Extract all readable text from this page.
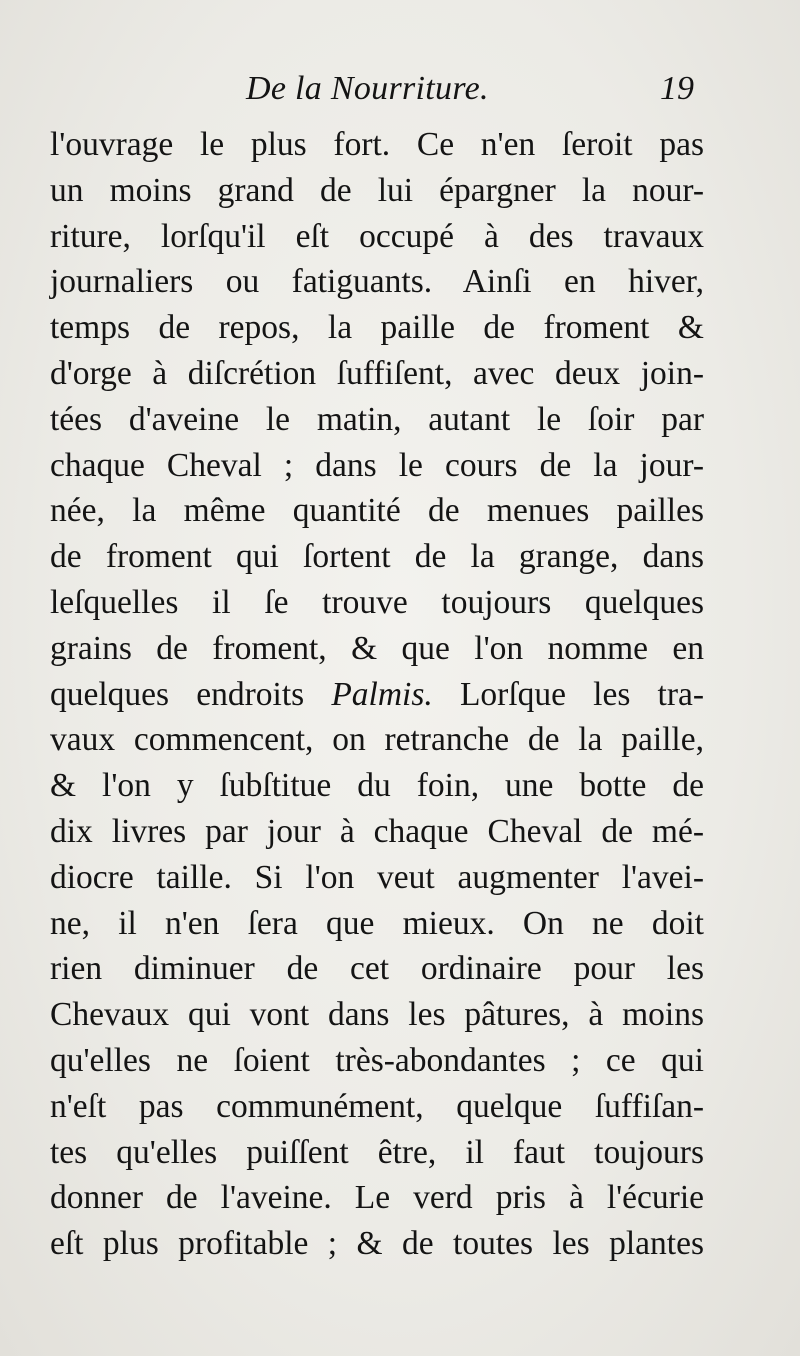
De la Nourriture.	19
l'ouvrage le plus fort. Ce n'en ſeroit pas
un moins grand de lui épargner la nour-
riture, lorſqu'il eſt occupé à des travaux
journaliers ou fatiguants. Ainſi en hiver,
temps de repos, la paille de froment &
d'orge à diſcrétion ſuffiſent, avec deux join-
tées d'aveine le matin, autant le ſoir par
chaque Cheval ; dans le cours de la jour-
née, la même quantité de menues pailles
de froment qui ſortent de la grange, dans
leſquelles il ſe trouve toujours quelques
grains de froment, & que l'on nomme en
quelques endroits Palmis. Lorſque les tra-
vaux commencent, on retranche de la paille,
& l'on y ſubſtitue du foin, une botte de
dix livres par jour à chaque Cheval de mé-
diocre taille. Si l'on veut augmenter l'avei-
ne, il n'en ſera que mieux. On ne doit
rien diminuer de cet ordinaire pour les
Chevaux qui vont dans les pâtures, à moins
qu'elles ne ſoient très-abondantes ; ce qui
n'eſt pas communément, quelque ſuffiſan-
tes qu'elles puiſſent être, il faut toujours
donner de l'aveine. Le verd pris à l'écurie
eſt plus profitable ; & de toutes les plantes
